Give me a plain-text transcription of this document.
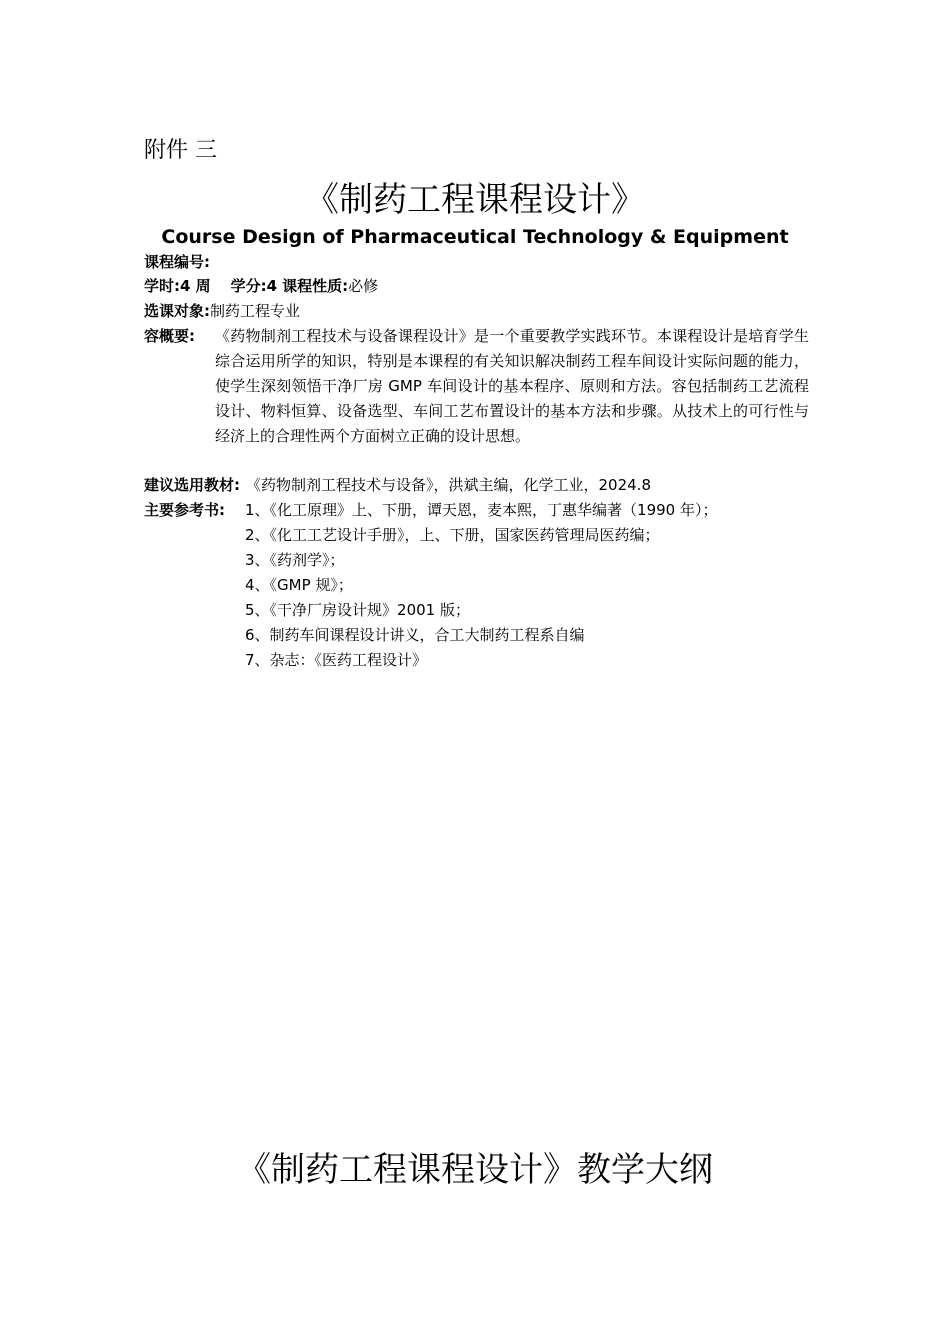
附件 三
《制药工程课程设计》
Course Design of Pharmaceutical Technology & Equipment
课程编号:
学时:4 周 学分:4 课程性质:必修
选课对象:制药工程专业
容概要: 《药物制剂工程技术与设备课程设计》是一个重要教学实践环节。本课程设计是培育学生综合运用所学的知识，特别是本课程的有关知识解决制药工程车间设计实际问题的能力，使学生深刻领悟干净厂房 GMP 车间设计的基本程序、原则和方法。容包括制药工艺流程设计、物料恒算、设备选型、车间工艺布置设计的基本方法和步骤。从技术上的可行性与经济上的合理性两个方面树立正确的设计思想。
建议选用教材: 《药物制剂工程技术与设备》，洪斌主编，化学工业，2024.8
主要参考书: 1、《化工原理》上、下册，谭天恩，麦本熙，丁惠华编著（1990 年）；
2、《化工工艺设计手册》，上、下册，国家医药管理局医药编；
3、《药剂学》；
4、《GMP 规》；
5、《干净厂房设计规》2001 版；
6、制药车间课程设计讲义，合工大制药工程系自编
7、杂志：《医药工程设计》
《制药工程课程设计》教学大纲
